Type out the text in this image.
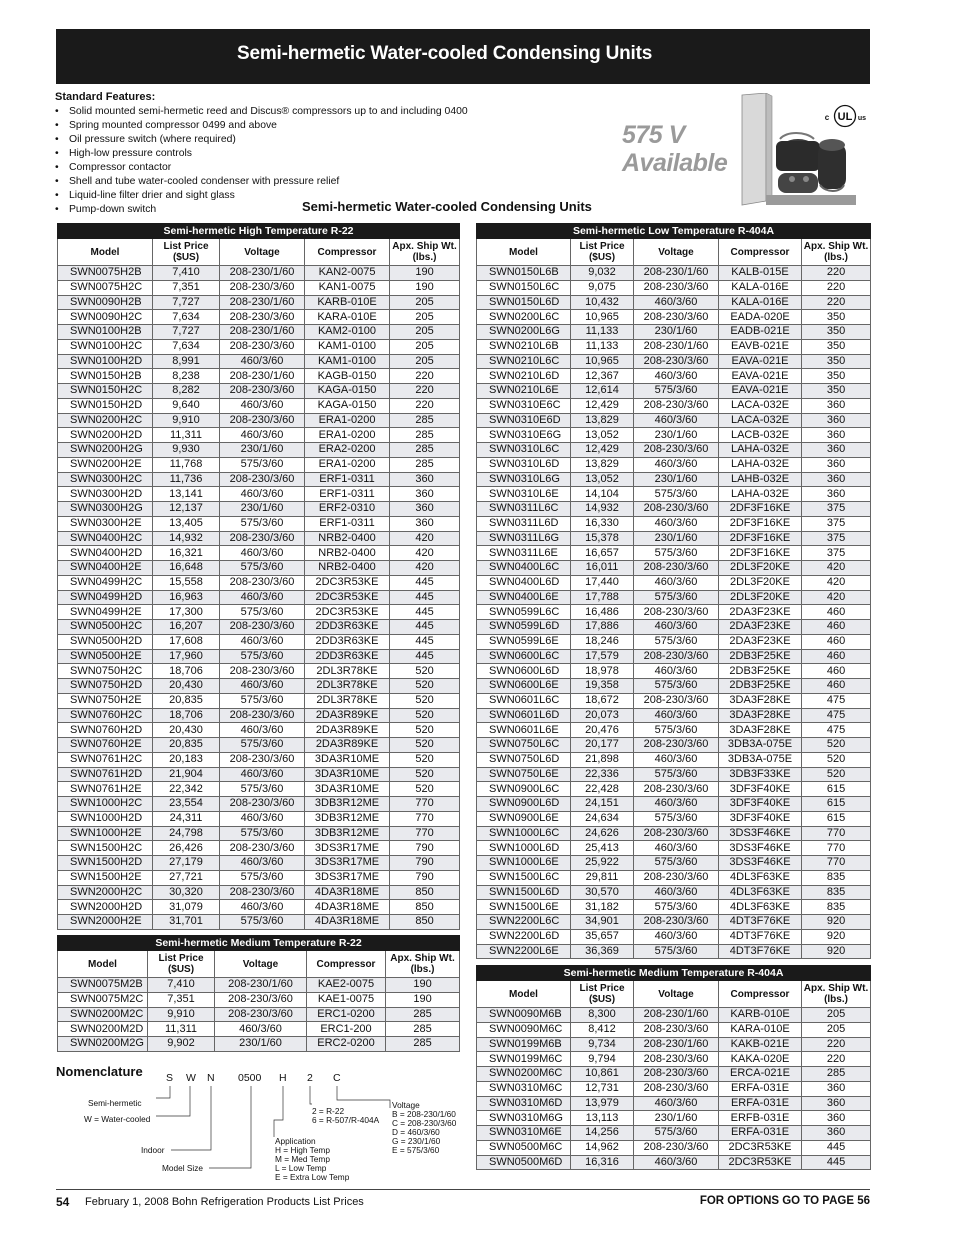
Semi-hermetic Water-cooled Condensing Units
Standard Features:
• Solid mounted semi-hermetic reed and Discus® compressors up to and including 0400
• Spring mounted compressor 0499 and above
• Oil pressure switch (where required)
• High-low pressure controls
• Compressor contactor
• Shell and tube water-cooled condenser with pressure relief
• Liquid-line filter drier and sight glass
• Pump-down switch
575 V
Available
UL
c	us
Semi-hermetic Water-cooled Condensing Units
Semi-hermetic High Temperature R-22				
Model	List Price ($US)	Voltage	Compressor	Apx. Ship Wt. (lbs.)
SWN0075H2B	7,410	208-230/1/60	KAN2-0075	190
SWN0075H2C	7,351	208-230/3/60	KAN1-0075	190
SWN0090H2B	7,727	208-230/1/60	KARB-010E	205
SWN0090H2C	7,634	208-230/3/60	KARA-010E	205
SWN0100H2B	7,727	208-230/1/60	KAM2-0100	205
SWN0100H2C	7,634	208-230/3/60	KAM1-0100	205
SWN0100H2D	8,991	460/3/60	KAM1-0100	205
SWN0150H2B	8,238	208-230/1/60	KAGB-0150	220
SWN0150H2C	8,282	208-230/3/60	KAGA-0150	220
SWN0150H2D	9,640	460/3/60	KAGA-0150	220
SWN0200H2C	9,910	208-230/3/60	ERA1-0200	285
SWN0200H2D	11,311	460/3/60	ERA1-0200	285
SWN0200H2G	9,930	230/1/60	ERA2-0200	285
SWN0200H2E	11,768	575/3/60	ERA1-0200	285
SWN0300H2C	11,736	208-230/3/60	ERF1-0311	360
SWN0300H2D	13,141	460/3/60	ERF1-0311	360
SWN0300H2G	12,137	230/1/60	ERF2-0310	360
SWN0300H2E	13,405	575/3/60	ERF1-0311	360
SWN0400H2C	14,932	208-230/3/60	NRB2-0400	420
SWN0400H2D	16,321	460/3/60	NRB2-0400	420
SWN0400H2E	16,648	575/3/60	NRB2-0400	420
SWN0499H2C	15,558	208-230/3/60	2DC3R53KE	445
SWN0499H2D	16,963	460/3/60	2DC3R53KE	445
SWN0499H2E	17,300	575/3/60	2DC3R53KE	445
SWN0500H2C	16,207	208-230/3/60	2DD3R63KE	445
SWN0500H2D	17,608	460/3/60	2DD3R63KE	445
SWN0500H2E	17,960	575/3/60	2DD3R63KE	445
SWN0750H2C	18,706	208-230/3/60	2DL3R78KE	520
SWN0750H2D	20,430	460/3/60	2DL3R78KE	520
SWN0750H2E	20,835	575/3/60	2DL3R78KE	520
SWN0760H2C	18,706	208-230/3/60	2DA3R89KE	520
SWN0760H2D	20,430	460/3/60	2DA3R89KE	520
SWN0760H2E	20,835	575/3/60	2DA3R89KE	520
SWN0761H2C	20,183	208-230/3/60	3DA3R10ME	520
SWN0761H2D	21,904	460/3/60	3DA3R10ME	520
SWN0761H2E	22,342	575/3/60	3DA3R10ME	520
SWN1000H2C	23,554	208-230/3/60	3DB3R12ME	770
SWN1000H2D	24,311	460/3/60	3DB3R12ME	770
SWN1000H2E	24,798	575/3/60	3DB3R12ME	770
SWN1500H2C	26,426	208-230/3/60	3DS3R17ME	790
SWN1500H2D	27,179	460/3/60	3DS3R17ME	790
SWN1500H2E	27,721	575/3/60	3DS3R17ME	790
SWN2000H2C	30,320	208-230/3/60	4DA3R18ME	850
SWN2000H2D	31,079	460/3/60	4DA3R18ME	850
SWN2000H2E	31,701	575/3/60	4DA3R18ME	850
Semi-hermetic Medium Temperature R-22				
Model	List Price ($US)	Voltage	Compressor	Apx. Ship Wt. (lbs.)
SWN0075M2B	7,410	208-230/1/60	KAE2-0075	190
SWN0075M2C	7,351	208-230/3/60	KAE1-0075	190
SWN0200M2C	9,910	208-230/3/60	ERC1-0200	285
SWN0200M2D	11,311	460/3/60	ERC1-200	285
SWN0200M2G	9,902	230/1/60	ERC2-0200	285
Semi-hermetic Low Temperature R-404A				
Model	List Price ($US)	Voltage	Compressor	Apx. Ship Wt. (lbs.)
SWN0150L6B	9,032	208-230/1/60	KALB-015E	220
SWN0150L6C	9,075	208-230/3/60	KALA-016E	220
SWN0150L6D	10,432	460/3/60	KALA-016E	220
SWN0200L6C	10,965	208-230/3/60	EADA-020E	350
SWN0200L6G	11,133	230/1/60	EADB-021E	350
SWN0210L6B	11,133	208-230/1/60	EAVB-021E	350
SWN0210L6C	10,965	208-230/3/60	EAVA-021E	350
SWN0210L6D	12,367	460/3/60	EAVA-021E	350
SWN0210L6E	12,614	575/3/60	EAVA-021E	350
SWN0310E6C	12,429	208-230/3/60	LACA-032E	360
SWN0310E6D	13,829	460/3/60	LACA-032E	360
SWN0310E6G	13,052	230/1/60	LACB-032E	360
SWN0310L6C	12,429	208-230/3/60	LAHA-032E	360
SWN0310L6D	13,829	460/3/60	LAHA-032E	360
SWN0310L6G	13,052	230/1/60	LAHB-032E	360
SWN0310L6E	14,104	575/3/60	LAHA-032E	360
SWN0311L6C	14,932	208-230/3/60	2DF3F16KE	375
SWN0311L6D	16,330	460/3/60	2DF3F16KE	375
SWN0311L6G	15,378	230/1/60	2DF3F16KE	375
SWN0311L6E	16,657	575/3/60	2DF3F16KE	375
SWN0400L6C	16,011	208-230/3/60	2DL3F20KE	420
SWN0400L6D	17,440	460/3/60	2DL3F20KE	420
SWN0400L6E	17,788	575/3/60	2DL3F20KE	420
SWN0599L6C	16,486	208-230/3/60	2DA3F23KE	460
SWN0599L6D	17,886	460/3/60	2DA3F23KE	460
SWN0599L6E	18,246	575/3/60	2DA3F23KE	460
SWN0600L6C	17,579	208-230/3/60	2DB3F25KE	460
SWN0600L6D	18,978	460/3/60	2DB3F25KE	460
SWN0600L6E	19,358	575/3/60	2DB3F25KE	460
SWN0601L6C	18,672	208-230/3/60	3DA3F28KE	475
SWN0601L6D	20,073	460/3/60	3DA3F28KE	475
SWN0601L6E	20,476	575/3/60	3DA3F28KE	475
SWN0750L6C	20,177	208-230/3/60	3DB3A-075E	520
SWN0750L6D	21,898	460/3/60	3DB3A-075E	520
SWN0750L6E	22,336	575/3/60	3DB3F33KE	520
SWN0900L6C	22,428	208-230/3/60	3DF3F40KE	615
SWN0900L6D	24,151	460/3/60	3DF3F40KE	615
SWN0900L6E	24,634	575/3/60	3DF3F40KE	615
SWN1000L6C	24,626	208-230/3/60	3DS3F46KE	770
SWN1000L6D	25,413	460/3/60	3DS3F46KE	770
SWN1000L6E	25,922	575/3/60	3DS3F46KE	770
SWN1500L6C	29,811	208-230/3/60	4DL3F63KE	835
SWN1500L6D	30,570	460/3/60	4DL3F63KE	835
SWN1500L6E	31,182	575/3/60	4DL3F63KE	835
SWN2200L6C	34,901	208-230/3/60	4DT3F76KE	920
SWN2200L6D	35,657	460/3/60	4DT3F76KE	920
SWN2200L6E	36,369	575/3/60	4DT3F76KE	920
Semi-hermetic Medium Temperature R-404A				
Model	List Price ($US)	Voltage	Compressor	Apx. Ship Wt. (lbs.)
SWN0090M6B	8,300	208-230/1/60	KARB-010E	205
SWN0090M6C	8,412	208-230/3/60	KARA-010E	205
SWN0199M6B	9,734	208-230/1/60	KAKB-021E	220
SWN0199M6C	9,794	208-230/3/60	KAKA-020E	220
SWN0200M6C	10,861	208-230/3/60	ERCA-021E	285
SWN0310M6C	12,731	208-230/3/60	ERFA-031E	360
SWN0310M6D	13,979	460/3/60	ERFA-031E	360
SWN0310M6G	13,113	230/1/60	ERFB-031E	360
SWN0310M6E	14,256	575/3/60	ERFA-031E	360
SWN0500M6C	14,962	208-230/3/60	2DC3R53KE	445
SWN0500M6D	16,316	460/3/60	2DC3R53KE	445
Nomenclature S W N 0500 H 2 C
Semi-hermetic
W = Water-cooled
Indoor
Model Size
Application
H = High Temp
M = Med Temp
L = Low Temp
E = Extra Low Temp
2 = R-22
6 = R-507/R-404A
Voltage
B = 208-230/1/60
C = 208-230/3/60
D = 460/3/60
G = 230/1/60
E = 575/3/60
54 February 1, 2008 Bohn Refrigeration Products List Prices	FOR OPTIONS GO TO PAGE 56
